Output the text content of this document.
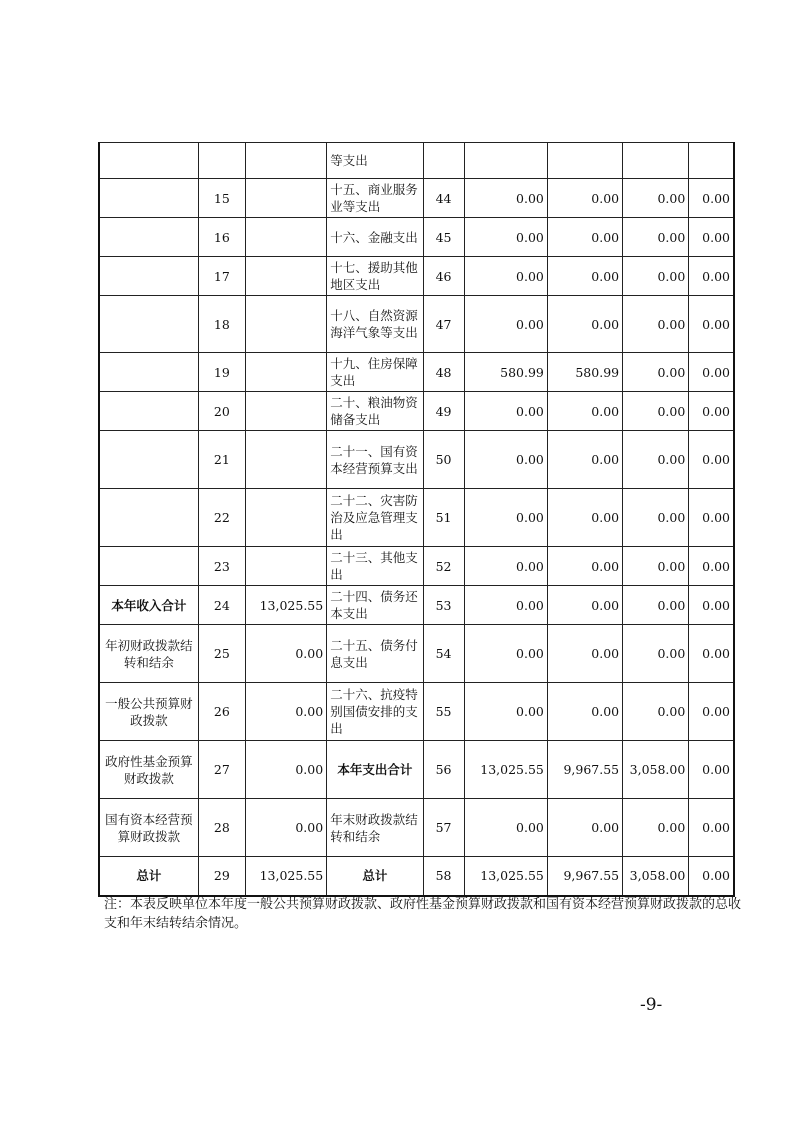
			等支出					
	15		十五、商业服务业等支出	44	0.00	0.00	0.00	0.00
	16		十六、金融支出	45	0.00	0.00	0.00	0.00
	17		十七、援助其他地区支出	46	0.00	0.00	0.00	0.00
	18		十八、自然资源海洋气象等支出	47	0.00	0.00	0.00	0.00
	19		十九、住房保障支出	48	580.99	580.99	0.00	0.00
	20		二十、粮油物资储备支出	49	0.00	0.00	0.00	0.00
	21		二十一、国有资本经营预算支出	50	0.00	0.00	0.00	0.00
	22		二十二、灾害防治及应急管理支出	51	0.00	0.00	0.00	0.00
	23		二十三、其他支出	52	0.00	0.00	0.00	0.00
本年收入合计	24	13,025.55	二十四、债务还本支出	53	0.00	0.00	0.00	0.00
年初财政拨款结转和结余	25	0.00	二十五、债务付息支出	54	0.00	0.00	0.00	0.00
一般公共预算财政拨款	26	0.00	二十六、抗疫特别国债安排的支出	55	0.00	0.00	0.00	0.00
政府性基金预算财政拨款	27	0.00	本年支出合计	56	13,025.55	9,967.55	3,058.00	0.00
国有资本经营预算财政拨款	28	0.00	年末财政拨款结转和结余	57	0.00	0.00	0.00	0.00
总计	29	13,025.55	总计	58	13,025.55	9,967.55	3,058.00	0.00
注：本表反映单位本年度一般公共预算财政拨款、政府性基金预算财政拨款和国有资本经营预算财政拨款的总收支和年末结转结余情况。
-9-
